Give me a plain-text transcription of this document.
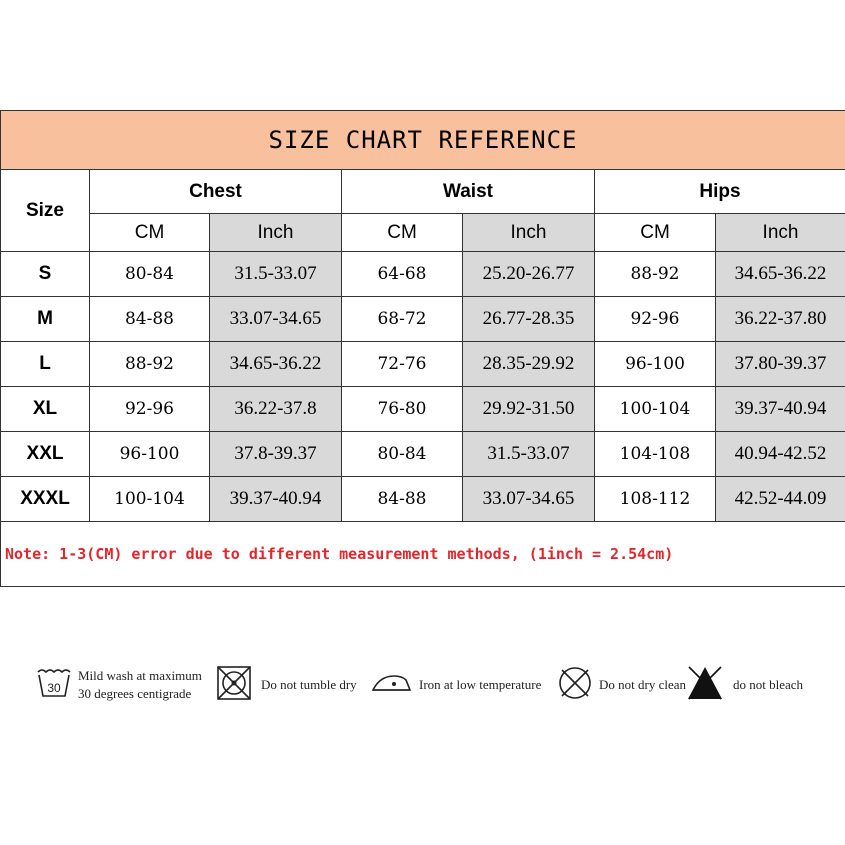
SIZE CHART REFERENCE						
Size	Chest		Waist		Hips	
	CM	Inch	CM	Inch	CM	Inch
S	80-84	31.5-33.07	64-68	25.20-26.77	88-92	34.65-36.22
M	84-88	33.07-34.65	68-72	26.77-28.35	92-96	36.22-37.80
L	88-92	34.65-36.22	72-76	28.35-29.92	96-100	37.80-39.37
XL	92-96	36.22-37.8	76-80	29.92-31.50	100-104	39.37-40.94
XXL	96-100	37.8-39.37	80-84	31.5-33.07	104-108	40.94-42.52
XXXL	100-104	39.37-40.94	84-88	33.07-34.65	108-112	42.52-44.09
Note: 1-3(CM) error due to different measurement methods, (1inch = 2.54cm)						
30
Mild wash at maximum
30 degrees centigrade
Do not tumble dry	Iron at low temperature	Do not dry clean	do not bleach
